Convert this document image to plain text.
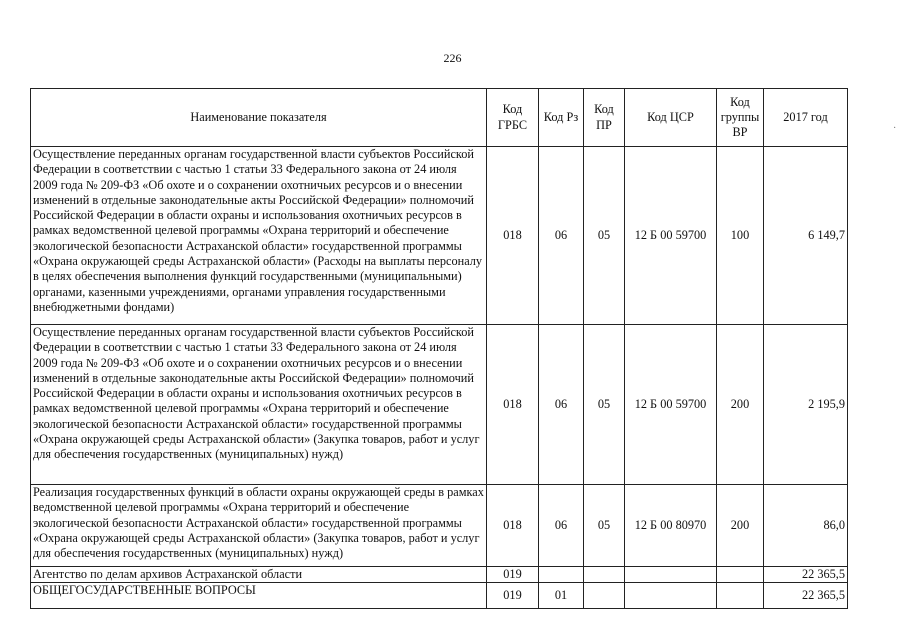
226
·
Наименование показателя	Код ГРБС	Код Рз	Код ПР	Код ЦСР	Код группы ВР	2017 год
Осуществление переданных органам государственной власти субъектов Российской Федерации в соответствии с частью 1 статьи 33 Федерального закона от 24 июля 2009 года № 209-ФЗ «Об охоте и о сохранении охотничьих ресурсов и о внесении изменений в отдельные законодательные акты Российской Федерации» полномочий Российской Федерации в области охраны и использования охотничьих ресурсов в рамках ведомственной целевой программы «Охрана территорий и обеспечение экологической безопасности Астраханской области» государственной программы «Охрана окружающей среды Астраханской области» (Расходы на выплаты персоналу в целях обеспечения выполнения функций государственными (муниципальными) органами, казенными учреждениями, органами управления государственными внебюджетными фондами)	018	06	05	12 Б 00 59700	100	6 149,7
Осуществление переданных органам государственной власти субъектов Российской Федерации в соответствии с частью 1 статьи 33 Федерального закона от 24 июля 2009 года № 209-ФЗ «Об охоте и о сохранении охотничьих ресурсов и о внесении изменений в отдельные законодательные акты Российской Федерации» полномочий Российской Федерации в области охраны и использования охотничьих ресурсов в рамках ведомственной целевой программы «Охрана территорий и обеспечение экологической безопасности Астраханской области» государственной программы «Охрана окружающей среды Астраханской области» (Закупка товаров, работ и услуг для обеспечения государственных (муниципальных) нужд)	018	06	05	12 Б 00 59700	200	2 195,9
Реализация государственных функций в области охраны окружающей среды в рамках ведомственной целевой программы «Охрана территорий и обеспечение экологической безопасности Астраханской области» государственной программы «Охрана окружающей среды Астраханской области» (Закупка товаров, работ и услуг для обеспечения государственных (муниципальных) нужд)	018	06	05	12 Б 00 80970	200	86,0
Агентство по делам архивов Астраханской области	019					22 365,5
ОБЩЕГОСУДАРСТВЕННЫЕ ВОПРОСЫ	019	01				22 365,5
